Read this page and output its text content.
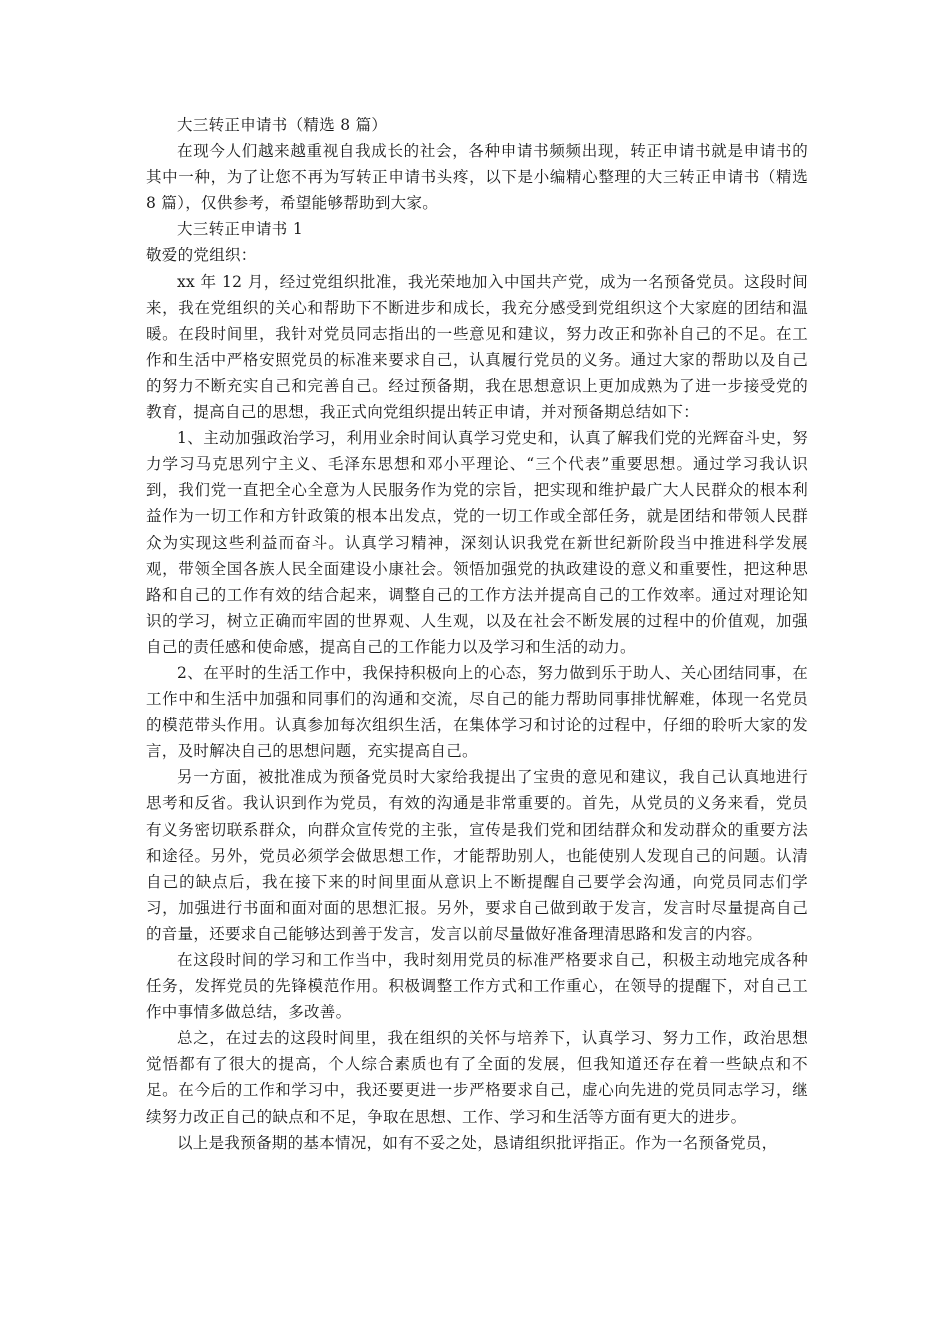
大三转正申请书（精选 8 篇）

在现今人们越来越重视自我成长的社会，各种申请书频频出现，转正申请书就是申请书的其中一种，为了让您不再为写转正申请书头疼，以下是小编精心整理的大三转正申请书（精选 8 篇），仅供参考，希望能够帮助到大家。

大三转正申请书 1

敬爱的党组织：

xx 年 12 月，经过党组织批准，我光荣地加入中国共产党，成为一名预备党员。这段时间来，我在党组织的关心和帮助下不断进步和成长，我充分感受到党组织这个大家庭的团结和温暖。在段时间里，我针对党员同志指出的一些意见和建议，努力改正和弥补自己的不足。在工作和生活中严格安照党员的标准来要求自己，认真履行党员的义务。通过大家的帮助以及自己的努力不断充实自己和完善自己。经过预备期，我在思想意识上更加成熟为了进一步接受党的教育，提高自己的思想，我正式向党组织提出转正申请，并对预备期总结如下：

1、主动加强政治学习，利用业余时间认真学习党史和，认真了解我们党的光辉奋斗史，努力学习马克思列宁主义、毛泽东思想和邓小平理论、“三个代表”重要思想。通过学习我认识到，我们党一直把全心全意为人民服务作为党的宗旨，把实现和维护最广大人民群众的根本利益作为一切工作和方针政策的根本出发点，党的一切工作或全部任务，就是团结和带领人民群众为实现这些利益而奋斗。认真学习精神，深刻认识我党在新世纪新阶段当中推进科学发展观，带领全国各族人民全面建设小康社会。领悟加强党的执政建设的意义和重要性，把这种思路和自己的工作有效的结合起来，调整自己的工作方法并提高自己的工作效率。通过对理论知识的学习，树立正确而牢固的世界观、人生观，以及在社会不断发展的过程中的价值观，加强自己的责任感和使命感，提高自己的工作能力以及学习和生活的动力。

2、在平时的生活工作中，我保持积极向上的心态，努力做到乐于助人、关心团结同事，在工作中和生活中加强和同事们的沟通和交流，尽自己的能力帮助同事排忧解难，体现一名党员的模范带头作用。认真参加每次组织生活，在集体学习和讨论的过程中，仔细的聆听大家的发言，及时解决自己的思想问题，充实提高自己。

另一方面，被批准成为预备党员时大家给我提出了宝贵的意见和建议，我自己认真地进行思考和反省。我认识到作为党员，有效的沟通是非常重要的。首先，从党员的义务来看，党员有义务密切联系群众，向群众宣传党的主张，宣传是我们党和团结群众和发动群众的重要方法和途径。另外，党员必须学会做思想工作，才能帮助别人，也能使别人发现自己的问题。认清自己的缺点后，我在接下来的时间里面从意识上不断提醒自己要学会沟通，向党员同志们学习，加强进行书面和面对面的思想汇报。另外，要求自己做到敢于发言，发言时尽量提高自己的音量，还要求自己能够达到善于发言，发言以前尽量做好准备理清思路和发言的内容。

在这段时间的学习和工作当中，我时刻用党员的标准严格要求自己，积极主动地完成各种任务，发挥党员的先锋模范作用。积极调整工作方式和工作重心，在领导的提醒下，对自己工作中事情多做总结，多改善。

总之，在过去的这段时间里，我在组织的关怀与培养下，认真学习、努力工作，政治思想觉悟都有了很大的提高，个人综合素质也有了全面的发展，但我知道还存在着一些缺点和不足。在今后的工作和学习中，我还要更进一步严格要求自己，虚心向先进的党员同志学习，继续努力改正自己的缺点和不足，争取在思想、工作、学习和生活等方面有更大的进步。

以上是我预备期的基本情况，如有不妥之处，恳请组织批评指正。作为一名预备党员，
